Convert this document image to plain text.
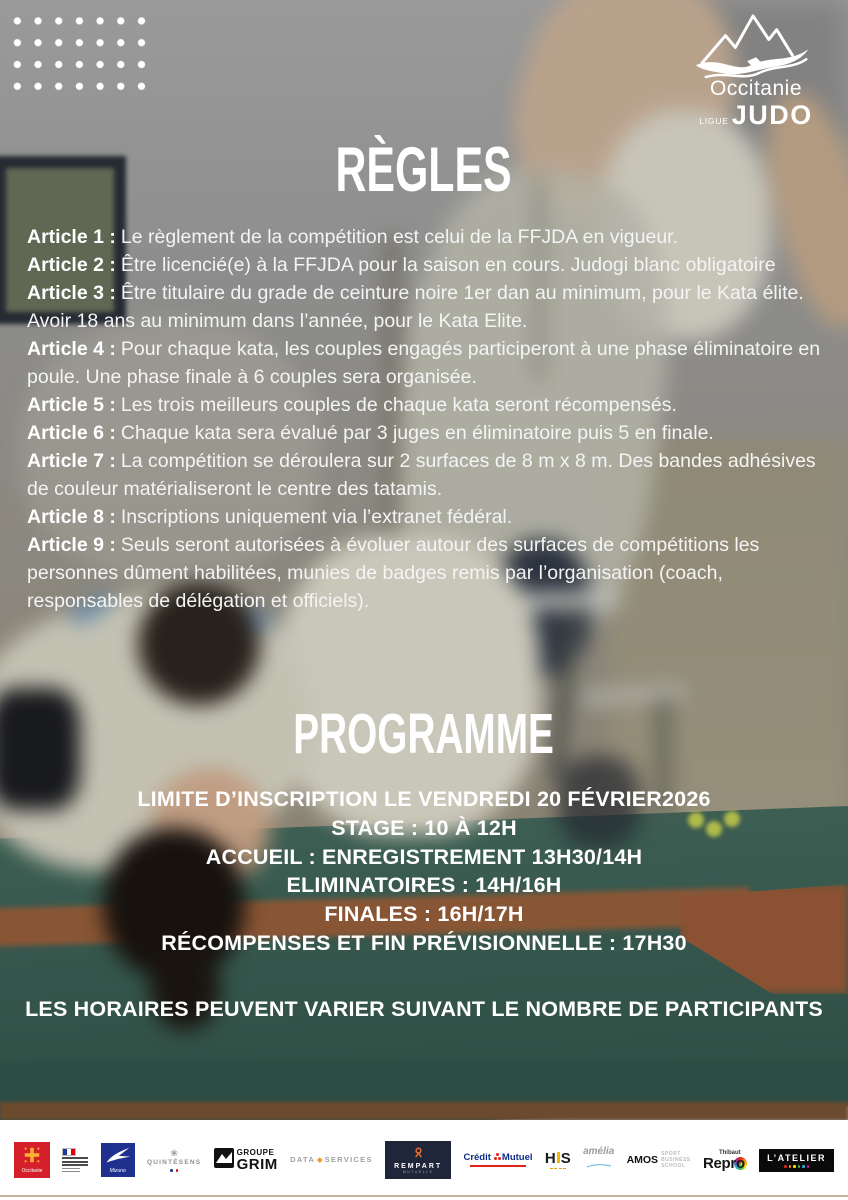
Occitanie
LIGUE JUDO
RÈGLES

Article 1 : Le règlement de la compétition est celui de la FFJDA en vigueur.

Article 2 : Être licencié(e) à la FFJDA pour la saison en cours. Judogi blanc obligatoire

Article 3 : Être titulaire du grade de ceinture noire 1er dan au minimum, pour le Kata élite. Avoir 18 ans au minimum dans l’année, pour le Kata Elite.

Article 4 : Pour chaque kata, les couples engagés participeront à une phase éliminatoire en poule. Une phase finale à 6 couples sera organisée.

Article 5 : Les trois meilleurs couples de chaque kata seront récompensés.

Article 6 : Chaque kata sera évalué par 3 juges en éliminatoire puis 5 en finale.

Article 7 : La compétition se déroulera sur 2 surfaces de 8 m x 8 m. Des bandes adhésives de couleur matérialiseront le centre des tatamis.

Article 8 : Inscriptions uniquement via l’extranet fédéral.

Article 9 : Seuls seront autorisées à évoluer autour des surfaces de compétitions les personnes dûment habilitées, munies de badges remis par l’organisation (coach, responsables de délégation et officiels).

PROGRAMME
LIMITE D’INSCRIPTION LE VENDREDI 20 FÉVRIER2026
STAGE : 10 À 12H
ACCUEIL : ENREGISTREMENT 13H30/14H
ELIMINATOIRES : 14H/16H
FINALES : 16H/17H
RÉCOMPENSES ET FIN PRÉVISIONNELLE : 17H30
LES HORAIRES PEUVENT VARIER SUIVANT LE NOMBRE DE PARTICIPANTS
Occitanie	Mizuno
❀
QUINTÉSENS
GROUPE
GRIM DATA SERVICES
REMPART
MUTUELLE
Crédit Mutuel H S amélia
AMOS
SPORT
BUSINESS
SCHOOL
Thibaut
Repro L’ATELIER
